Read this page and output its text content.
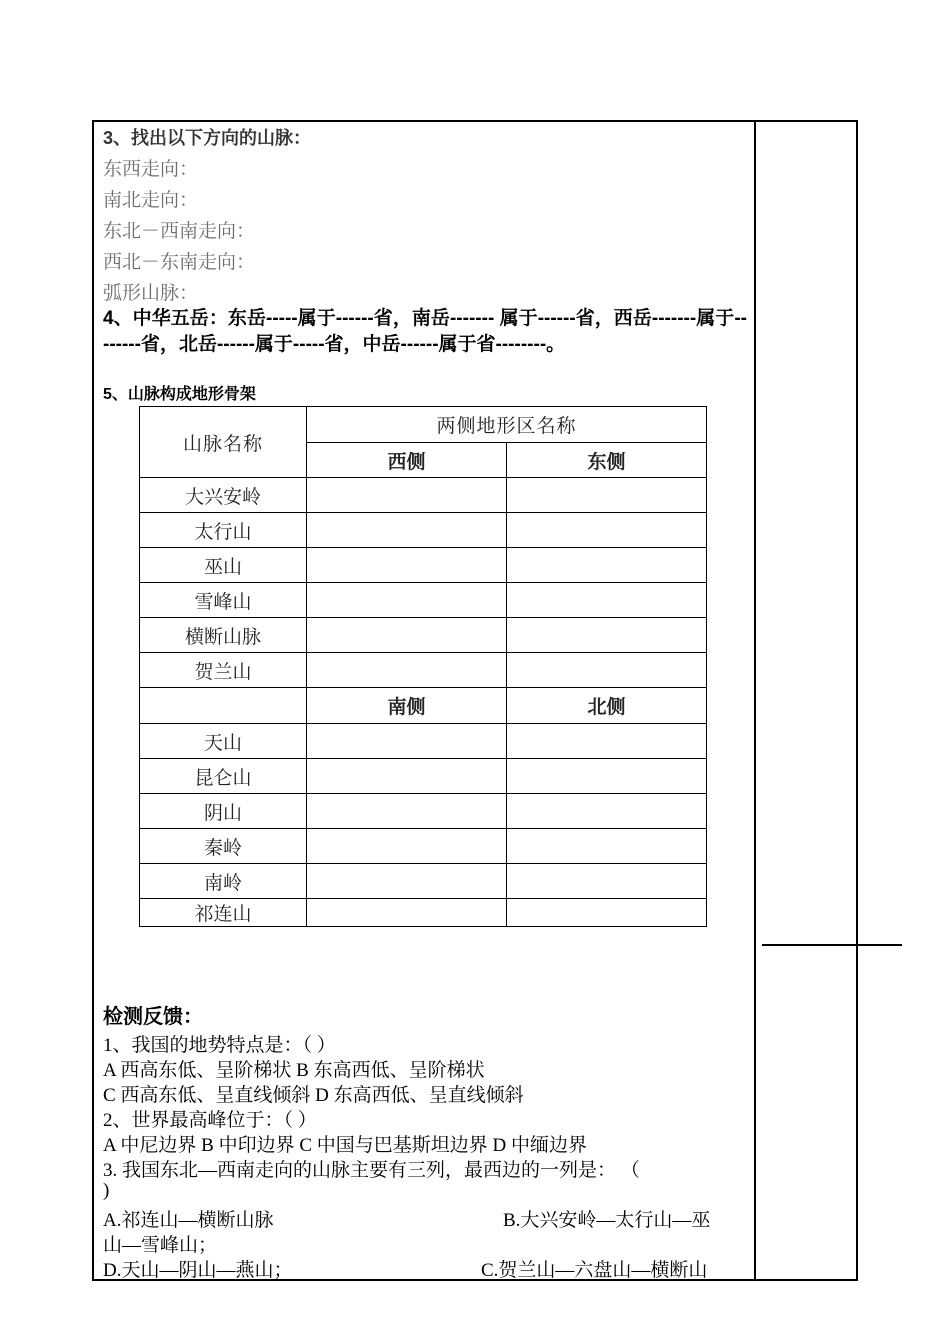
3、找出以下方向的山脉：
东西走向：
南北走向：
东北－西南走向：
西北－东南走向：
弧形山脉：
4、中华五岳：东岳-----属于------省，南岳------- 属于------省，西岳-------属于--------省，北岳------属于-----省，中岳------属于省--------。
5、山脉构成地形骨架
山脉名称	两侧地形区名称	
	西侧	东侧
大兴安岭		
太行山		
巫山		
雪峰山		
横断山脉		
贺兰山		
	南侧	北侧
天山		
昆仑山		
阴山		
秦岭		
南岭		
祁连山		
检测反馈：
1、我国的地势特点是：（ ）
A 西高东低、呈阶梯状 B 东高西低、呈阶梯状
C 西高东低、呈直线倾斜 D 东高西低、呈直线倾斜
2、世界最高峰位于：（ ）
A 中尼边界 B 中印边界 C 中国与巴基斯坦边界 D 中缅边界
3. 我国东北—西南走向的山脉主要有三列，最西边的一列是： （
)
A.祁连山—横断山脉	B.大兴安岭—太行山—巫
山—雪峰山；
D.天山—阴山—燕山；	C.贺兰山—六盘山—横断山
